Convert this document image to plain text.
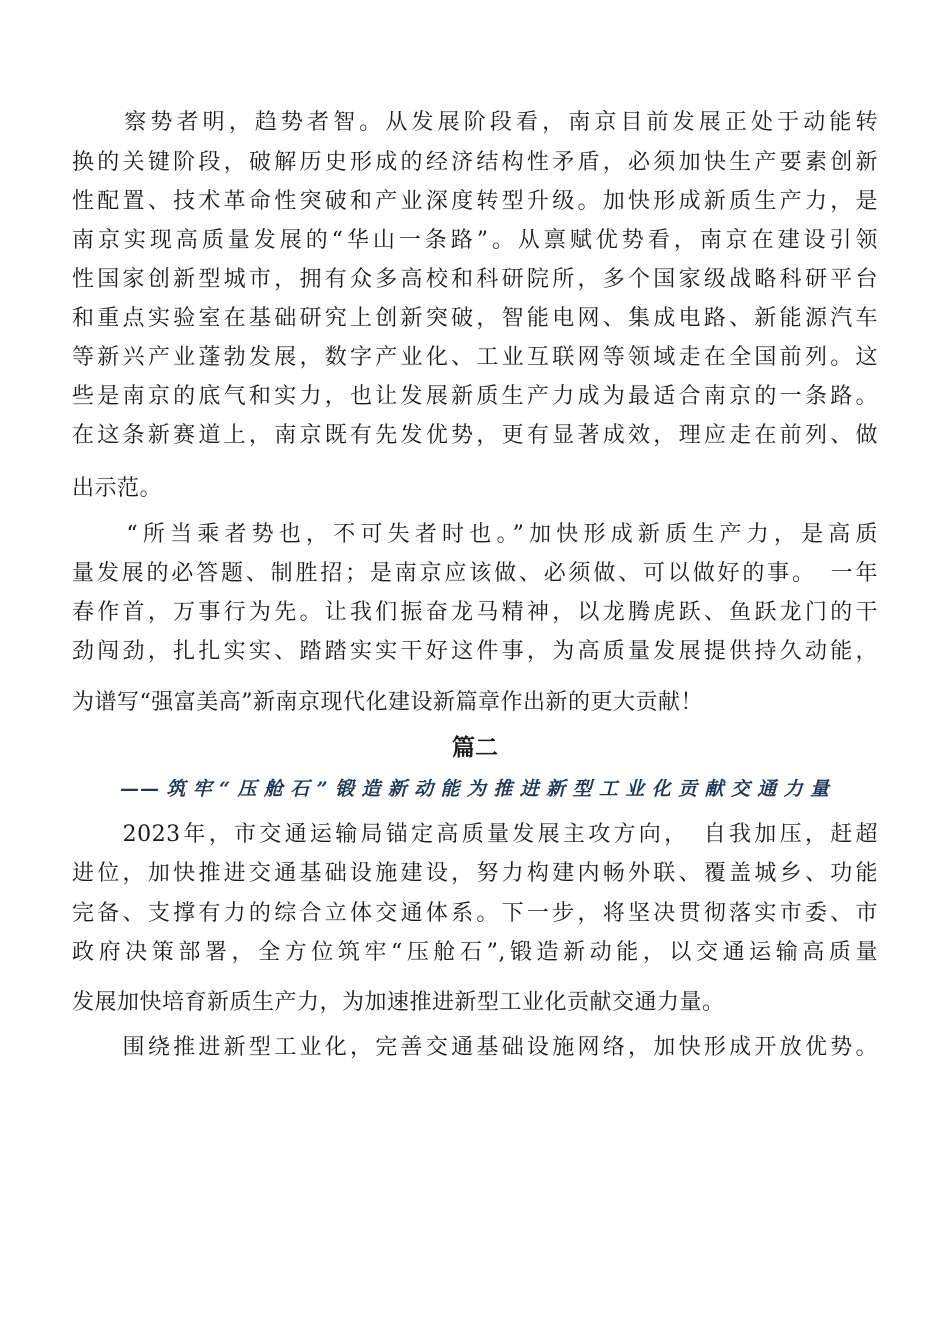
　　察势者明，趋势者智。从发展阶段看，南京目前发展正处于动能转
换的关键阶段，破解历史形成的经济结构性矛盾，必须加快生产要素创新
性配置、技术革命性突破和产业深度转型升级。加快形成新质生产力，是
南京实现高质量发展的“华山一条路”。从禀赋优势看，南京在建设引领
性国家创新型城市，拥有众多高校和科研院所，多个国家级战略科研平台
和重点实验室在基础研究上创新突破，智能电网、集成电路、新能源汽车
等新兴产业蓬勃发展，数字产业化、工业互联网等领域走在全国前列。这
些是南京的底气和实力，也让发展新质生产力成为最适合南京的一条路。
在这条新赛道上，南京既有先发优势，更有显著成效，理应走在前列、做
出示范。
　　“所当乘者势也，不可失者时也。”加快形成新质生产力，是高质
量发展的必答题、制胜招；是南京应该做、必须做、可以做好的事。　一年
春作首，万事行为先。让我们振奋龙马精神，以龙腾虎跃、鱼跃龙门的干
劲闯劲，扎扎实实、踏踏实实干好这件事，为高质量发展提供持久动能，
为谱写“强富美高”新南京现代化建设新篇章作出新的更大贡献！
篇二
——筑牢“压舱石”锻造新动能为推进新型工业化贡献交通力量
　　2023年，市交通运输局锚定高质量发展主攻方向，　自我加压，赶超
进位，加快推进交通基础设施建设，努力构建内畅外联、覆盖城乡、功能
完备、支撑有力的综合立体交通体系。下一步，将坚决贯彻落实市委、市
政府决策部署，全方位筑牢“压舱石”,锻造新动能，以交通运输高质量
发展加快培育新质生产力，为加速推进新型工业化贡献交通力量。
　　围绕推进新型工业化，完善交通基础设施网络，加快形成开放优势。
